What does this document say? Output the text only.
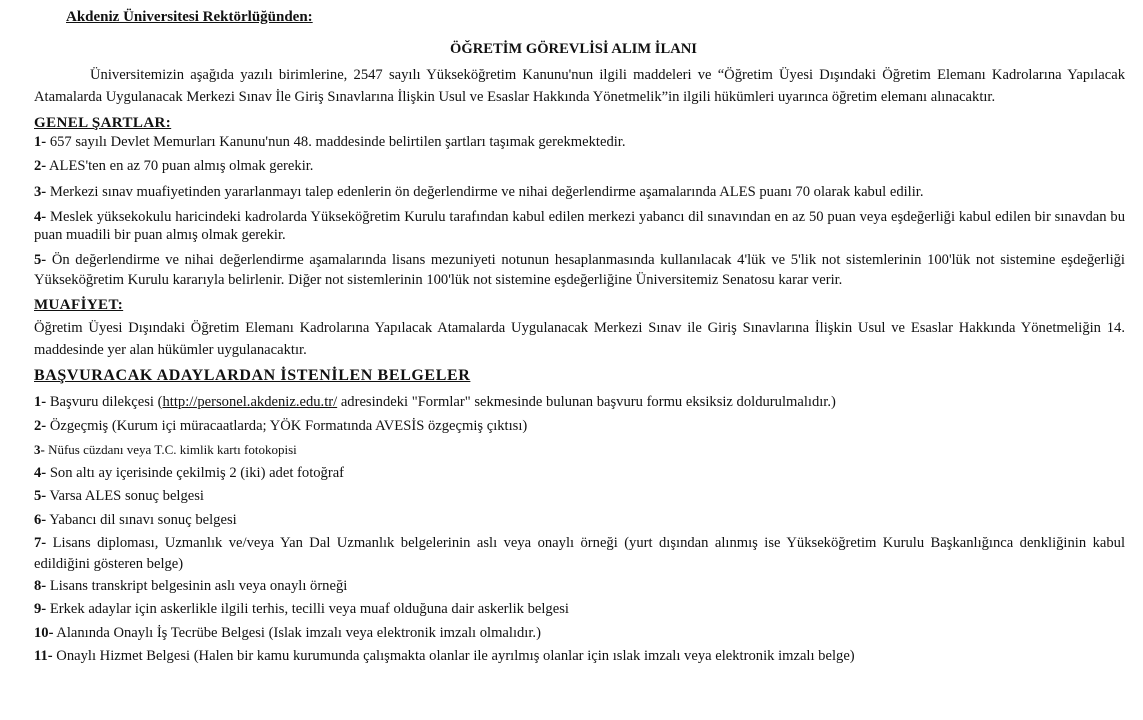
Akdeniz Üniversitesi Rektörlüğünden:
ÖĞRETİM GÖREVLİSİ ALIM İLANI
Üniversitemizin aşağıda yazılı birimlerine, 2547 sayılı Yükseköğretim Kanunu'nun ilgili maddeleri ve “Öğretim Üyesi Dışındaki Öğretim Elemanı Kadrolarına Yapılacak Atamalarda Uygulanacak Merkezi Sınav İle Giriş Sınavlarına İlişkin Usul ve Esaslar Hakkında Yönetmelik”in ilgili hükümleri uyarınca öğretim elemanı alınacaktır.
GENEL ŞARTLAR:
1- 657 sayılı Devlet Memurları Kanunu'nun 48. maddesinde belirtilen şartları taşımak gerekmektedir.
2- ALES'ten en az 70 puan almış olmak gerekir.
3- Merkezi sınav muafiyetinden yararlanmayı talep edenlerin ön değerlendirme ve nihai değerlendirme aşamalarında ALES puanı 70 olarak kabul edilir.
4- Meslek yüksekokulu haricindeki kadrolarda Yükseköğretim Kurulu tarafından kabul edilen merkezi yabancı dil sınavından en az 50 puan veya eşdeğerliği kabul edilen bir sınavdan bu puan muadili bir puan almış olmak gerekir.
5- Ön değerlendirme ve nihai değerlendirme aşamalarında lisans mezuniyeti notunun hesaplanmasında kullanılacak 4'lük ve 5'lik not sistemlerinin 100'lük not sistemine eşdeğerliği Yükseköğretim Kurulu kararıyla belirlenir. Diğer not sistemlerinin 100'lük not sistemine eşdeğerliğine Üniversitemiz Senatosu karar verir.
MUAFİYET:
Öğretim Üyesi Dışındaki Öğretim Elemanı Kadrolarına Yapılacak Atamalarda Uygulanacak Merkezi Sınav ile Giriş Sınavlarına İlişkin Usul ve Esaslar Hakkında Yönetmeliğin 14. maddesinde yer alan hükümler uygulanacaktır.
BAŞVURACAK ADAYLARDAN İSTENİLEN BELGELER
1- Başvuru dilekçesi (http://personel.akdeniz.edu.tr/ adresindeki "Formlar" sekmesinde bulunan başvuru formu eksiksiz doldurulmalıdır.)
2- Özgeçmiş (Kurum içi müracaatlarda; YÖK Formatında AVESİS özgeçmiş çıktısı)
3- Nüfus cüzdanı veya T.C. kimlik kartı fotokopisi
4- Son altı ay içerisinde çekilmiş 2 (iki) adet fotoğraf
5- Varsa ALES sonuç belgesi
6- Yabancı dil sınavı sonuç belgesi
7- Lisans diploması, Uzmanlık ve/veya Yan Dal Uzmanlık belgelerinin aslı veya onaylı örneği (yurt dışından alınmış ise Yükseköğretim Kurulu Başkanlığınca denkliğinin kabul edildiğini gösteren belge)
8- Lisans transkript belgesinin aslı veya onaylı örneği
9- Erkek adaylar için askerlikle ilgili terhis, tecilli veya muaf olduğuna dair askerlik belgesi
10- Alanında Onaylı İş Tecrübe Belgesi (Islak imzalı veya elektronik imzalı olmalıdır.)
11- Onaylı Hizmet Belgesi (Halen bir kamu kurumunda çalışmakta olanlar ile ayrılmış olanlar için ıslak imzalı veya elektronik imzalı belge)
